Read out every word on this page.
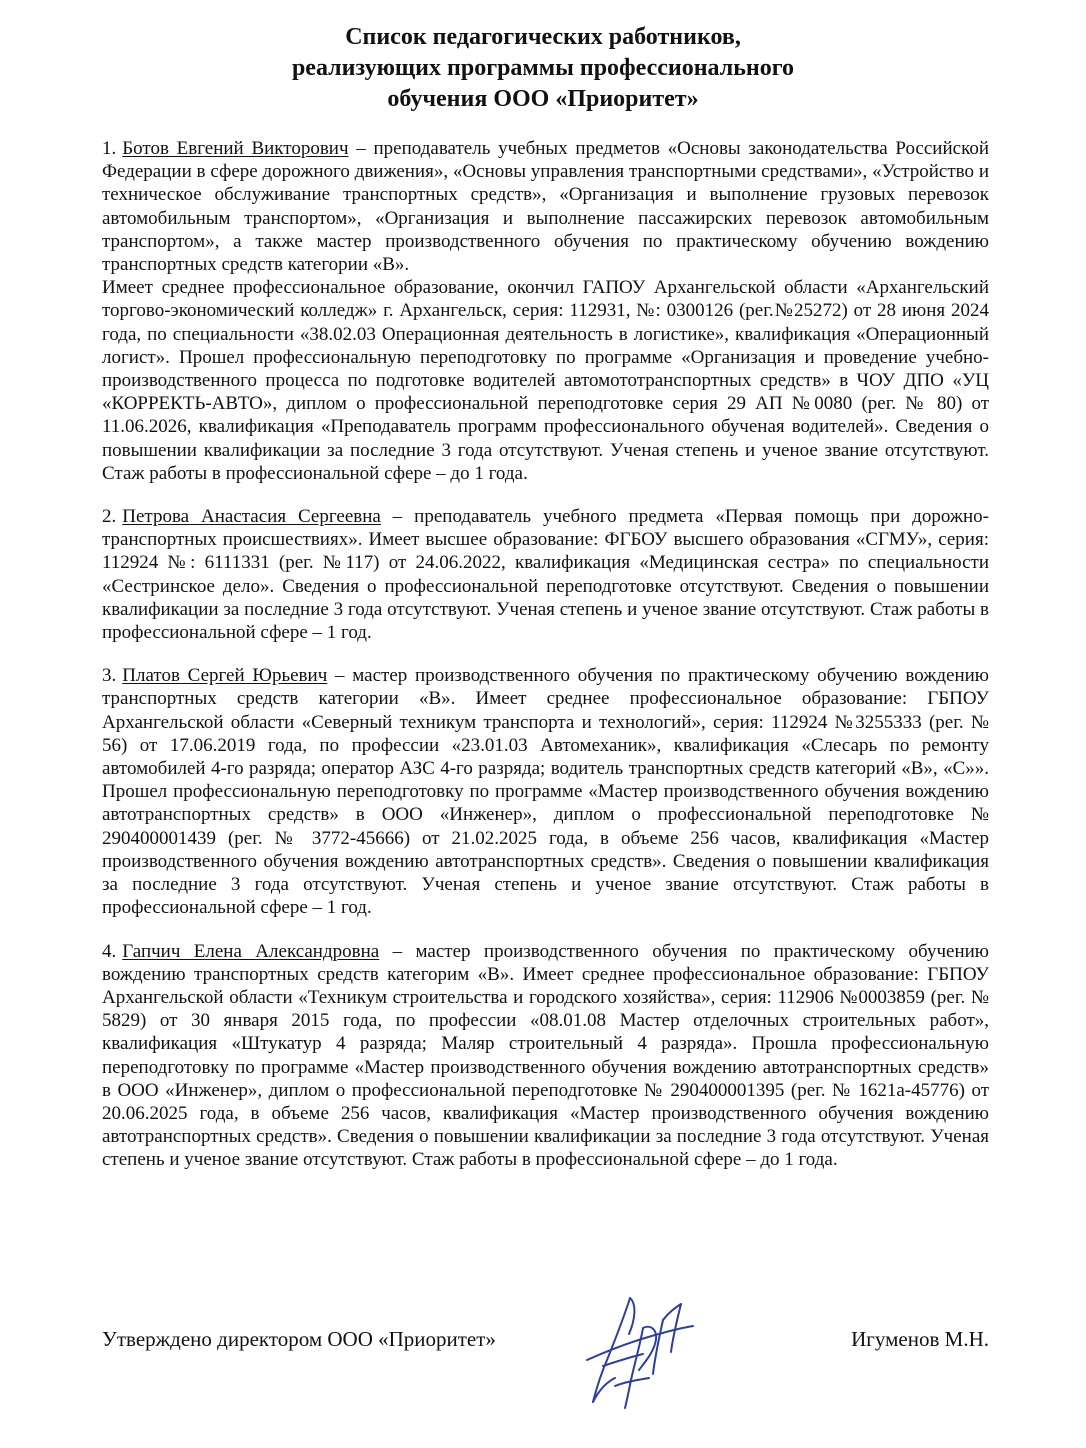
Список педагогических работников,
реализующих программы профессионального
обучения ООО «Приоритет»

1. Ботов Евгений Викторович – преподаватель учебных предметов «Основы законодательства Российской Федерации в сфере дорожного движения», «Основы управления транспортными средствами», «Устройство и техническое обслуживание транспортных средств», «Организация и выполнение грузовых перевозок автомобильным транспортом», «Организация и выполнение пассажирских перевозок автомобильным транспортом», а также мастер производственного обучения по практическому обучению вождению транспортных средств категории «В».

Имеет среднее профессиональное образование, окончил ГАПОУ Архангельской области «Архангельский торгово-экономический колледж» г. Архангельск, серия: 112931, №: 0300126 (рег.№25272) от 28 июня 2024 года, по специальности «38.02.03 Операционная деятельность в логистике», квалификация «Операционный логист». Прошел профессиональную переподготовку по программе «Организация и проведение учебно-производственного процесса по подготовке водителей автомототранспортных средств» в ЧОУ ДПО «УЦ «КОРРЕКТЬ-АВТО», диплом о профессиональной переподготовке серия 29 АП №0080 (рег. № 80) от 11.06.2026, квалификация «Преподаватель программ профессионального обученая водителей». Сведения о повышении квалификации за последние 3 года отсутствуют. Ученая степень и ученое звание отсутствуют. Стаж работы в профессиональной сфере – до 1 года.

2. Петрова Анастасия Сергеевна – преподаватель учебного предмета «Первая помощь при дорожно-транспортных происшествиях». Имеет высшее образование: ФГБОУ высшего образования «СГМУ», серия: 112924 №: 6111331 (рег. №117) от 24.06.2022, квалификация «Медицинская сестра» по специальности «Сестринское дело». Сведения о профессиональной переподготовке отсутствуют. Сведения о повышении квалификации за последние 3 года отсутствуют. Ученая степень и ученое звание отсутствуют. Стаж работы в профессиональной сфере – 1 год.

3. Платов Сергей Юрьевич – мастер производственного обучения по практическому обучению вождению транспортных средств категории «В». Имеет среднее профессиональное образование: ГБПОУ Архангельской области «Северный техникум транспорта и технологий», серия: 112924 №3255333 (рег. № 56) от 17.06.2019 года, по профессии «23.01.03 Автомеханик», квалификация «Слесарь по ремонту автомобилей 4-го разряда; оператор АЗС 4-го разряда; водитель транспортных средств категорий «В», «С»». Прошел профессиональную переподготовку по программе «Мастер производственного обучения вождению автотранспортных средств» в ООО «Инженер», диплом о профессиональной переподготовке № 290400001439 (рег. № 3772-45666) от 21.02.2025 года, в объеме 256 часов, квалификация «Мастер производственного обучения вождению автотранспортных средств». Сведения о повышении квалификация за последние 3 года отсутствуют. Ученая степень и ученое звание отсутствуют. Стаж работы в профессиональной сфере – 1 год.

4. Гапчич Елена Александровна – мастер производственного обучения по практическому обучению вождению транспортных средств категорим «В». Имеет среднее профессиональное образование: ГБПОУ Архангельской области «Техникум строительства и городского хозяйства», серия: 112906 №0003859 (рег. № 5829) от 30 января 2015 года, по профессии «08.01.08 Мастер отделочных строительных работ», квалификация «Штукатур 4 разряда; Маляр строительный 4 разряда». Прошла профессиональную переподготовку по программе «Мастер производственного обучения вождению автотранспортных средств» в ООО «Инженер», диплом о профессиональной переподготовке № 290400001395 (рег. № 1621а-45776) от 20.06.2025 года, в объеме 256 часов, квалификация «Мастер производственного обучения вождению автотранспортных средств». Сведения о повышении квалификации за последние 3 года отсутствуют. Ученая степень и ученое звание отсутствуют. Стаж работы в профессиональной сфере – до 1 года.

Утверждено директором ООО «Приоритет»	Игуменов М.Н.
